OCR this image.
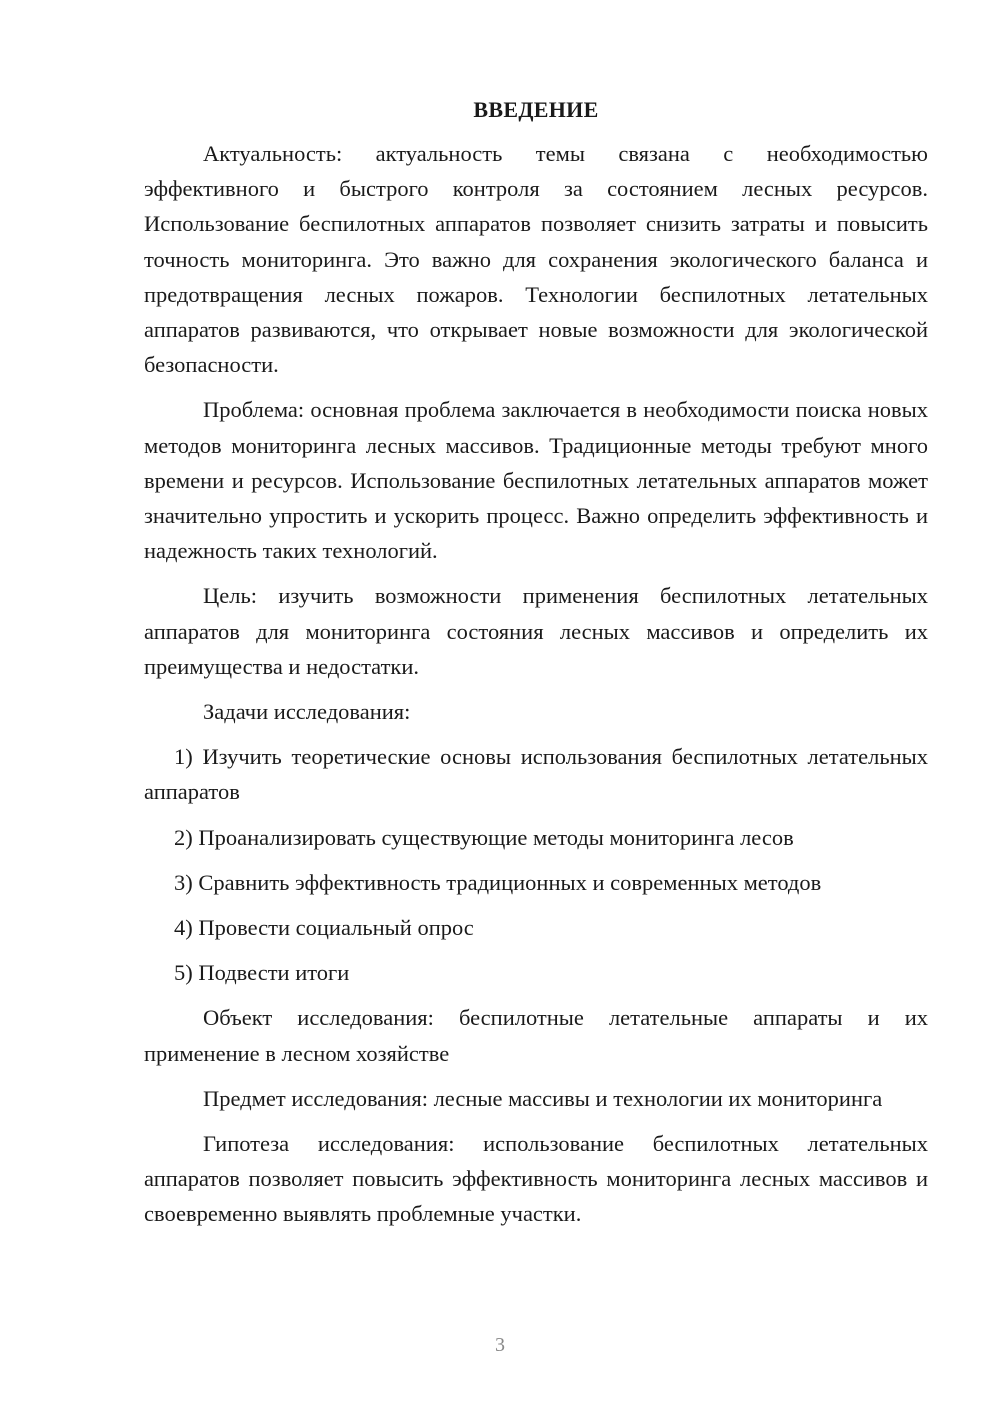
ВВЕДЕНИЕ

Актуальность: актуальность темы связана с необходимостью эффективного и быстрого контроля за состоянием лесных ресурсов. Использование беспилотных аппаратов позволяет снизить затраты и повысить точность мониторинга. Это важно для сохранения экологического баланса и предотвращения лесных пожаров. Технологии беспилотных летательных аппаратов развиваются, что открывает новые возможности для экологической безопасности.

Проблема: основная проблема заключается в необходимости поиска новых методов мониторинга лесных массивов. Традиционные методы требуют много времени и ресурсов. Использование беспилотных летательных аппаратов может значительно упростить и ускорить процесс. Важно определить эффективность и надежность таких технологий.

Цель: изучить возможности применения беспилотных летательных аппаратов для мониторинга состояния лесных массивов и определить их преимущества и недостатки.

Задачи исследования:

1) Изучить теоретические основы использования беспилотных летательных аппаратов

2) Проанализировать существующие методы мониторинга лесов

3) Сравнить эффективность традиционных и современных методов

4) Провести социальный опрос

5) Подвести итоги

Объект исследования: беспилотные летательные аппараты и их применение в лесном хозяйстве

Предмет исследования: лесные массивы и технологии их мониторинга

Гипотеза исследования: использование беспилотных летательных аппаратов позволяет повысить эффективность мониторинга лесных массивов и своевременно выявлять проблемные участки.

3
